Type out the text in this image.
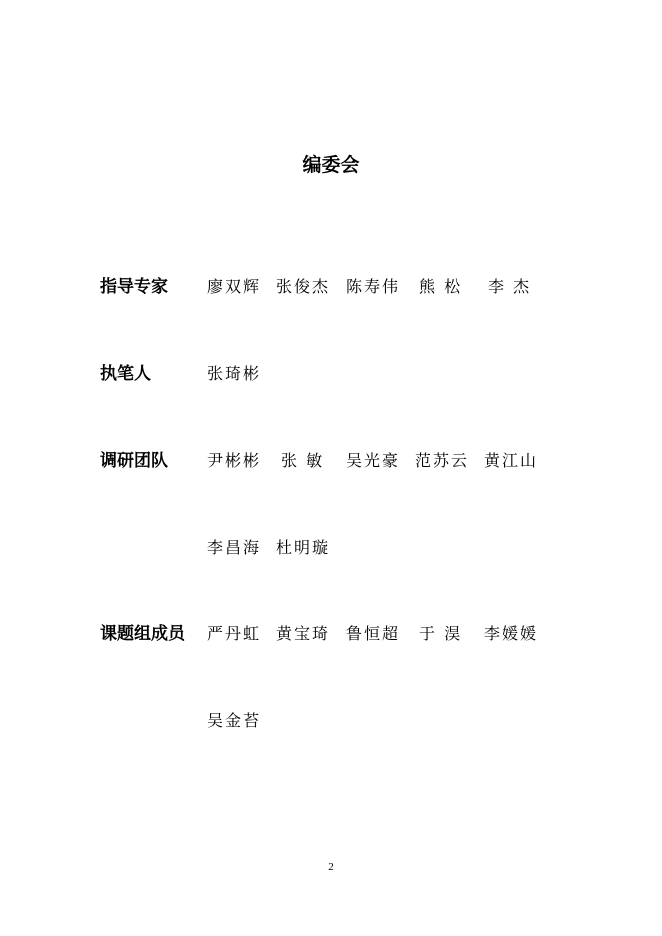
编委会
指导专家 廖双辉 张俊杰 陈寿伟 熊 松 李 杰
执笔人	张琦彬
调研团队 尹彬彬 张 敏 吴光豪 范苏云 黄江山
李昌海 杜明璇
课题组成员 严丹虹 黄宝琦 鲁恒超 于 淏 李媛媛
吴金苔
2
